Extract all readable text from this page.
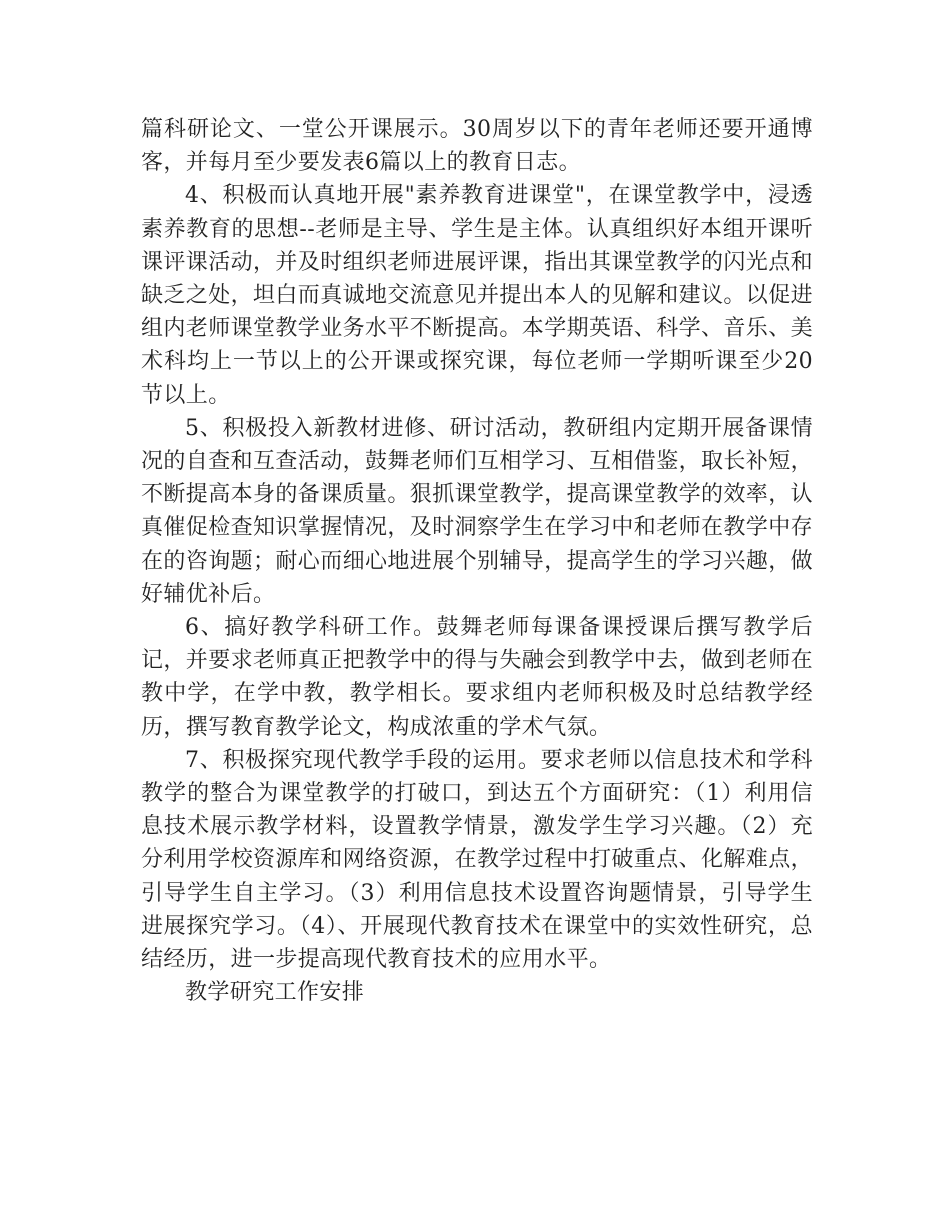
篇科研论文、一堂公开课展示。30周岁以下的青年老师还要开通博客，并每月至少要发表6篇以上的教育日志。

4、积极而认真地开展"素养教育进课堂"，在课堂教学中，浸透素养教育的思想--老师是主导、学生是主体。认真组织好本组开课听课评课活动，并及时组织老师进展评课，指出其课堂教学的闪光点和缺乏之处，坦白而真诚地交流意见并提出本人的见解和建议。以促进组内老师课堂教学业务水平不断提高。本学期英语、科学、音乐、美术科均上一节以上的公开课或探究课，每位老师一学期听课至少20节以上。

5、积极投入新教材进修、研讨活动，教研组内定期开展备课情况的自查和互查活动，鼓舞老师们互相学习、互相借鉴，取长补短，不断提高本身的备课质量。狠抓课堂教学，提高课堂教学的效率，认真催促检查知识掌握情况，及时洞察学生在学习中和老师在教学中存在的咨询题；耐心而细心地进展个别辅导，提高学生的学习兴趣，做好辅优补后。

6、搞好教学科研工作。鼓舞老师每课备课授课后撰写教学后记，并要求老师真正把教学中的得与失融会到教学中去，做到老师在教中学，在学中教，教学相长。要求组内老师积极及时总结教学经历，撰写教育教学论文，构成浓重的学术气氛。

7、积极探究现代教学手段的运用。要求老师以信息技术和学科教学的整合为课堂教学的打破口，到达五个方面研究：（1）利用信息技术展示教学材料，设置教学情景，激发学生学习兴趣。（2）充分利用学校资源库和网络资源，在教学过程中打破重点、化解难点，引导学生自主学习。（3）利用信息技术设置咨询题情景，引导学生进展探究学习。（4）、开展现代教育技术在课堂中的实效性研究，总结经历，进一步提高现代教育技术的应用水平。

教学研究工作安排
